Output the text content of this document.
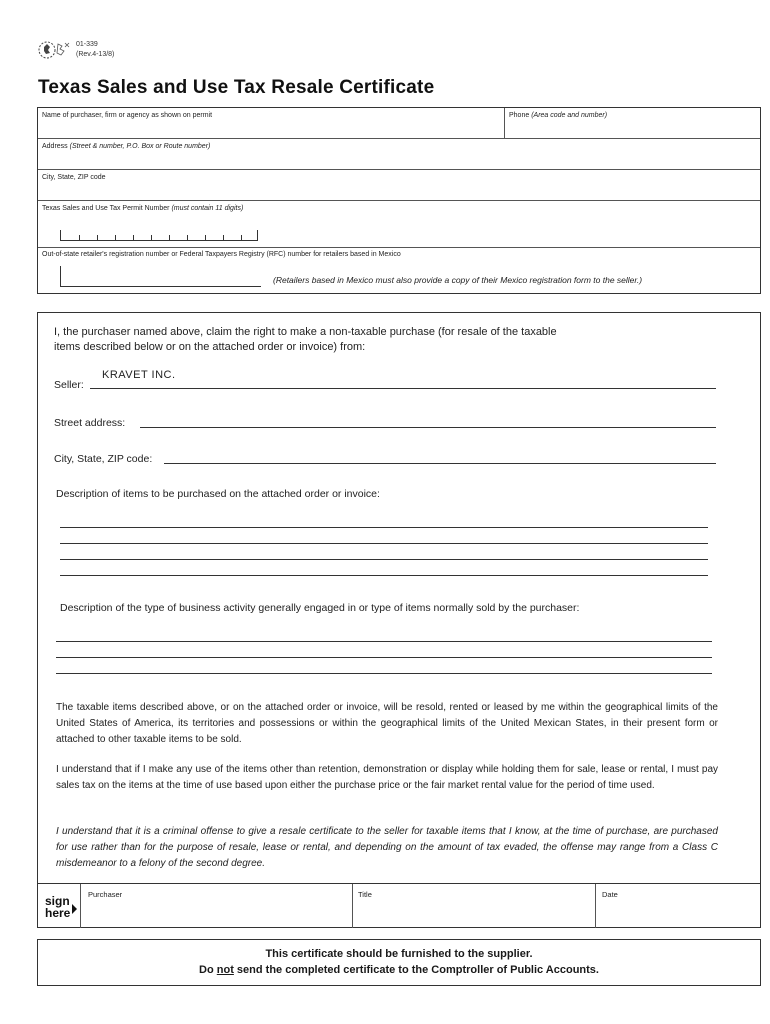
01-339
(Rev.4-13/8)
Texas Sales and Use Tax Resale Certificate
Name of purchaser, firm or agency as shown on permit	Phone (Area code and number)
Address (Street & number, P.O. Box or Route number)
City, State, ZIP code
Texas Sales and Use Tax Permit Number (must contain 11 digits)
Out-of-state retailer's registration number or Federal Taxpayers Registry (RFC) number for retailers based in Mexico
(Retailers based in Mexico must also provide a copy of their Mexico registration form to the seller.)
I, the purchaser named above, claim the right to make a non-taxable purchase (for resale of the taxable
items described below or on the attached order or invoice) from:
Seller:
KRAVET INC.
Street address:
City, State, ZIP code:
Description of items to be purchased on the attached order or invoice:
Description of the type of business activity generally engaged in or type of items normally sold by the purchaser:
The taxable items described above, or on the attached order or invoice, will be resold, rented or leased by me within the geographical limits of the United States of America, its territories and possessions or within the geographical limits of the United Mexican States, in their present form or attached to other taxable items to be sold.
I understand that if I make any use of the items other than retention, demonstration or display while holding them for sale, lease or rental, I must pay sales tax on the items at the time of use based upon either the purchase price or the fair market rental value for the period of time used.
I understand that it is a criminal offense to give a resale certificate to the seller for taxable items that I know, at the time of purchase, are purchased for use rather than for the purpose of resale, lease or rental, and depending on the amount of tax evaded, the offense may range from a Class C misdemeanor to a felony of the second degree.
sign
here
Purchaser	Title	Date
This certificate should be furnished to the supplier.
Do not send the completed certificate to the Comptroller of Public Accounts.
